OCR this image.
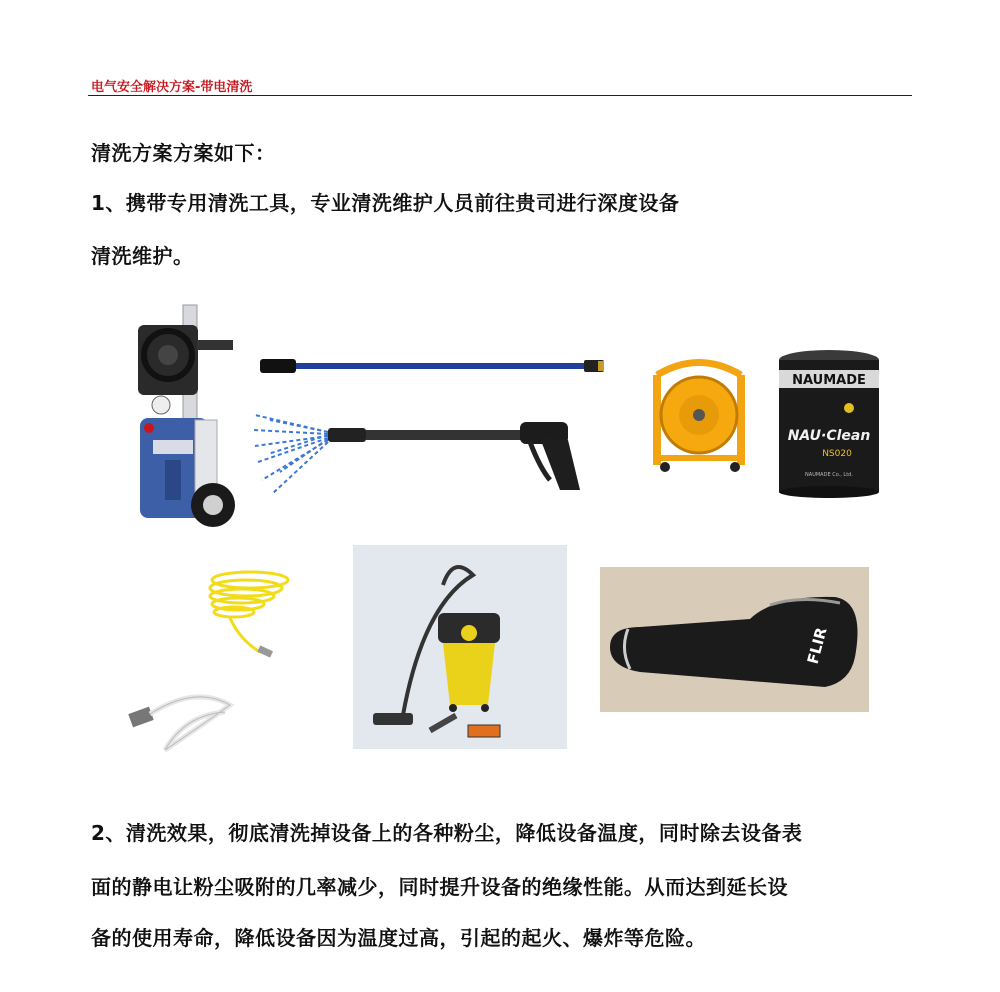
电气安全解决方案-带电清洗
清洗方案方案如下：
1、携带专用清洗工具，专业清洗维护人员前往贵司进行深度设备
清洗维护。
NAUMADE
NAU·Clean
NS020
NAUMADE Co., Ltd.
FLIR
2、清洗效果，彻底清洗掉设备上的各种粉尘，降低设备温度，同时除去设备表
面的静电让粉尘吸附的几率减少，同时提升设备的绝缘性能。从而达到延长设
备的使用寿命，降低设备因为温度过高，引起的起火、爆炸等危险。
